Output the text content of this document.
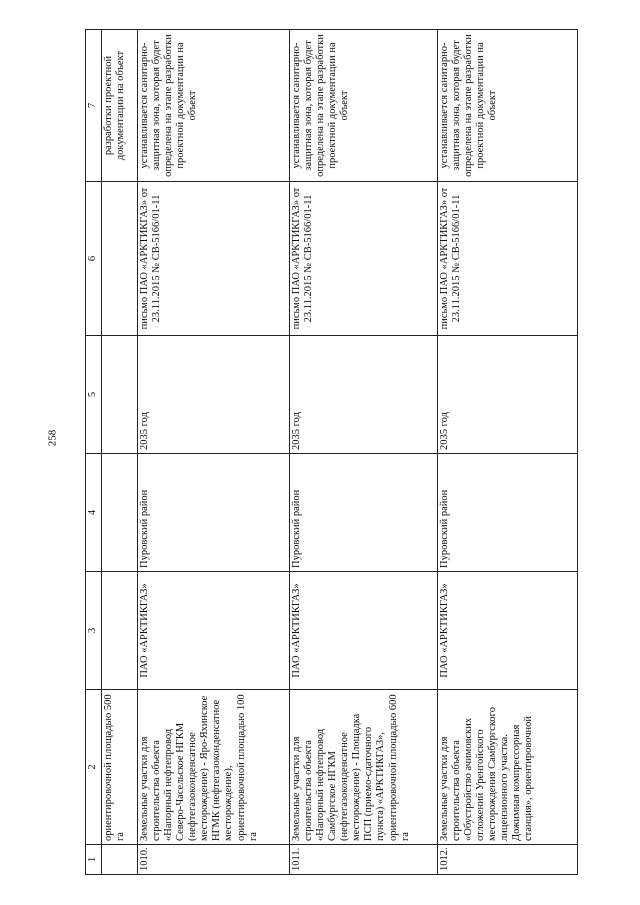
258
1	2	3	4	5	6	7
	ориентировочной площадью 500 га					разработки проектной документации на объект
1010.	Земельные участки для строительства объекта «Напорный нефтепровод Северо-Часельское НГКМ (нефтегазоконденсатное месторождение) - Яро-Яхинское НГМК (нефтегазоконденсатное месторождение), ориентировочной площадью 100 га	ПАО «АРКТИКГАЗ»	Пуровский район	2035 год	письмо ПАО «АРКТИКГАЗ» от 23.11.2015 № СВ-5166/01-11	устанавливается санитарно-защитная зона, которая будет определена на этапе разработки проектной документации на объект
1011.	Земельные участки для строительства объекта «Напорный нефтепровод Самбургское НГКМ (нефтегазоконденсатное месторождение) - Площадка ПСП (приемо-сдаточного пункта) «АРКТИКГАЗ», ориентировочной площадью 600 га	ПАО «АРКТИКГАЗ»	Пуровский район	2035 год	письмо ПАО «АРКТИКГАЗ» от 23.11.2015 № СВ-5166/01-11	устанавливается санитарно-защитная зона, которая будет определена на этапе разработки проектной документации на объект
1012.	Земельные участки для строительства объекта «Обустройство ачимовских отложений Уренгойского месторождения Самбургского лицензионного участка. Дожимная компрессорная станция», ориентировочной	ПАО «АРКТИКГАЗ»	Пуровский район	2035 год	письмо ПАО «АРКТИКГАЗ» от 23.11.2015 № СВ-5166/01-11	устанавливается санитарно-защитная зона, которая будет определена на этапе разработки проектной документации на объект
